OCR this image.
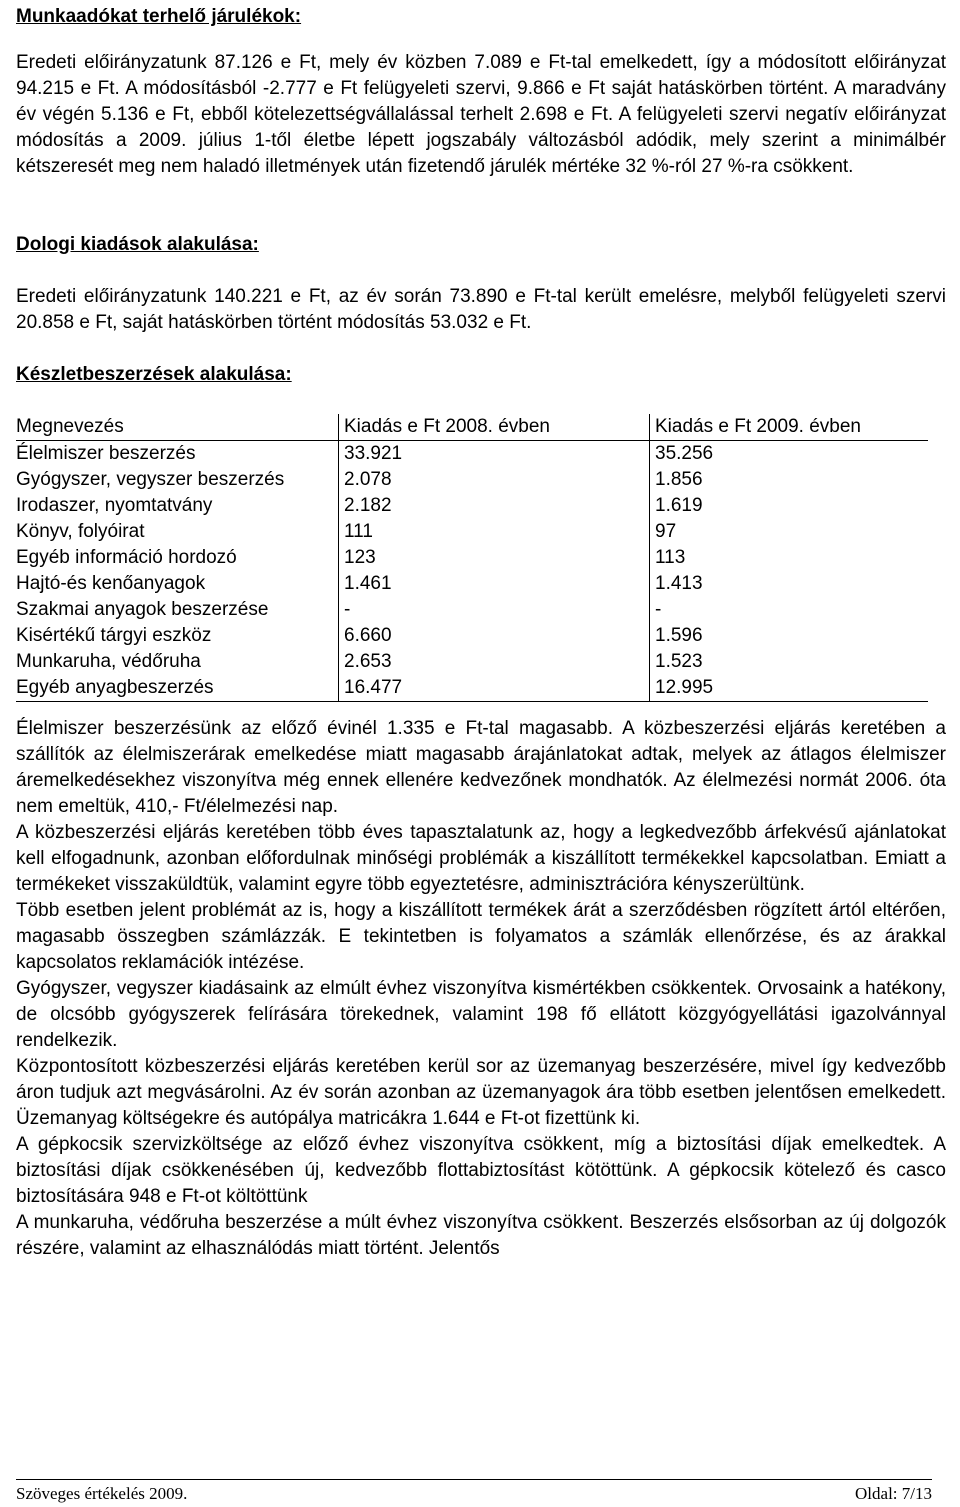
Munkaadókat terhelő járulékok:

Eredeti előirányzatunk 87.126 e Ft, mely év közben 7.089 e Ft-tal emelkedett, így a módosított előirányzat 94.215 e Ft. A módosításból -2.777 e Ft felügyeleti szervi, 9.866 e Ft saját hatáskörben történt. A maradvány év végén 5.136 e Ft, ebből kötelezettségvállalással terhelt 2.698 e Ft. A felügyeleti szervi negatív előirányzat módosítás a 2009. július 1-től életbe lépett jogszabály változásból adódik, mely szerint a minimálbér kétszeresét meg nem haladó illetmények után fizetendő járulék mértéke 32 %-ról 27 %-ra csökkent.

Dologi kiadások alakulása:

Eredeti előirányzatunk 140.221 e Ft, az év során 73.890 e Ft-tal került emelésre, melyből felügyeleti szervi 20.858 e Ft, saját hatáskörben történt módosítás 53.032 e Ft.

Készletbeszerzések alakulása:

Megnevezés	Kiadás e Ft 2008. évben	Kiadás e Ft 2009. évben
Élelmiszer beszerzés	33.921	35.256
Gyógyszer, vegyszer beszerzés	2.078	1.856
Irodaszer, nyomtatvány	2.182	1.619
Könyv, folyóirat	111	97
Egyéb információ hordozó	123	113
Hajtó-és kenőanyagok	1.461	1.413
Szakmai anyagok beszerzése	-	-
Kisértékű tárgyi eszköz	6.660	1.596
Munkaruha, védőruha	2.653	1.523
Egyéb anyagbeszerzés	16.477	12.995

Élelmiszer beszerzésünk az előző évinél 1.335 e Ft-tal magasabb. A közbeszerzési eljárás keretében a szállítók az élelmiszerárak emelkedése miatt magasabb árajánlatokat adtak, melyek az átlagos élelmiszer áremelkedésekhez viszonyítva még ennek ellenére kedvezőnek mondhatók. Az élelmezési normát 2006. óta nem emeltük, 410,- Ft/élelmezési nap.

A közbeszerzési eljárás keretében több éves tapasztalatunk az, hogy a legkedvezőbb árfekvésű ajánlatokat kell elfogadnunk, azonban előfordulnak minőségi problémák a kiszállított termékekkel kapcsolatban. Emiatt a termékeket visszaküldtük, valamint egyre több egyeztetésre, adminisztrációra kényszerültünk.

Több esetben jelent problémát az is, hogy a kiszállított termékek árát a szerződésben rögzített ártól eltérően, magasabb összegben számlázzák. E tekintetben is folyamatos a számlák ellenőrzése, és az árakkal kapcsolatos reklamációk intézése.

Gyógyszer, vegyszer kiadásaink az elmúlt évhez viszonyítva kismértékben csökkentek. Orvosaink a hatékony, de olcsóbb gyógyszerek felírására törekednek, valamint 198 fő ellátott közgyógyellátási igazolvánnyal rendelkezik.

Központosított közbeszerzési eljárás keretében kerül sor az üzemanyag beszerzésére, mivel így kedvezőbb áron tudjuk azt megvásárolni. Az év során azonban az üzemanyagok ára több esetben jelentősen emelkedett. Üzemanyag költségekre és autópálya matricákra 1.644 e Ft-ot fizettünk ki.

A gépkocsik szervizköltsége az előző évhez viszonyítva csökkent, míg a biztosítási díjak emelkedtek. A biztosítási díjak csökkenésében új, kedvezőbb flottabiztosítást kötöttünk. A gépkocsik kötelező és casco biztosítására 948 e Ft-ot költöttünk

A munkaruha, védőruha beszerzése a múlt évhez viszonyítva csökkent. Beszerzés elsősorban az új dolgozók részére, valamint az elhasználódás miatt történt. Jelentős

Szöveges értékelés 2009.	Oldal: 7/13
